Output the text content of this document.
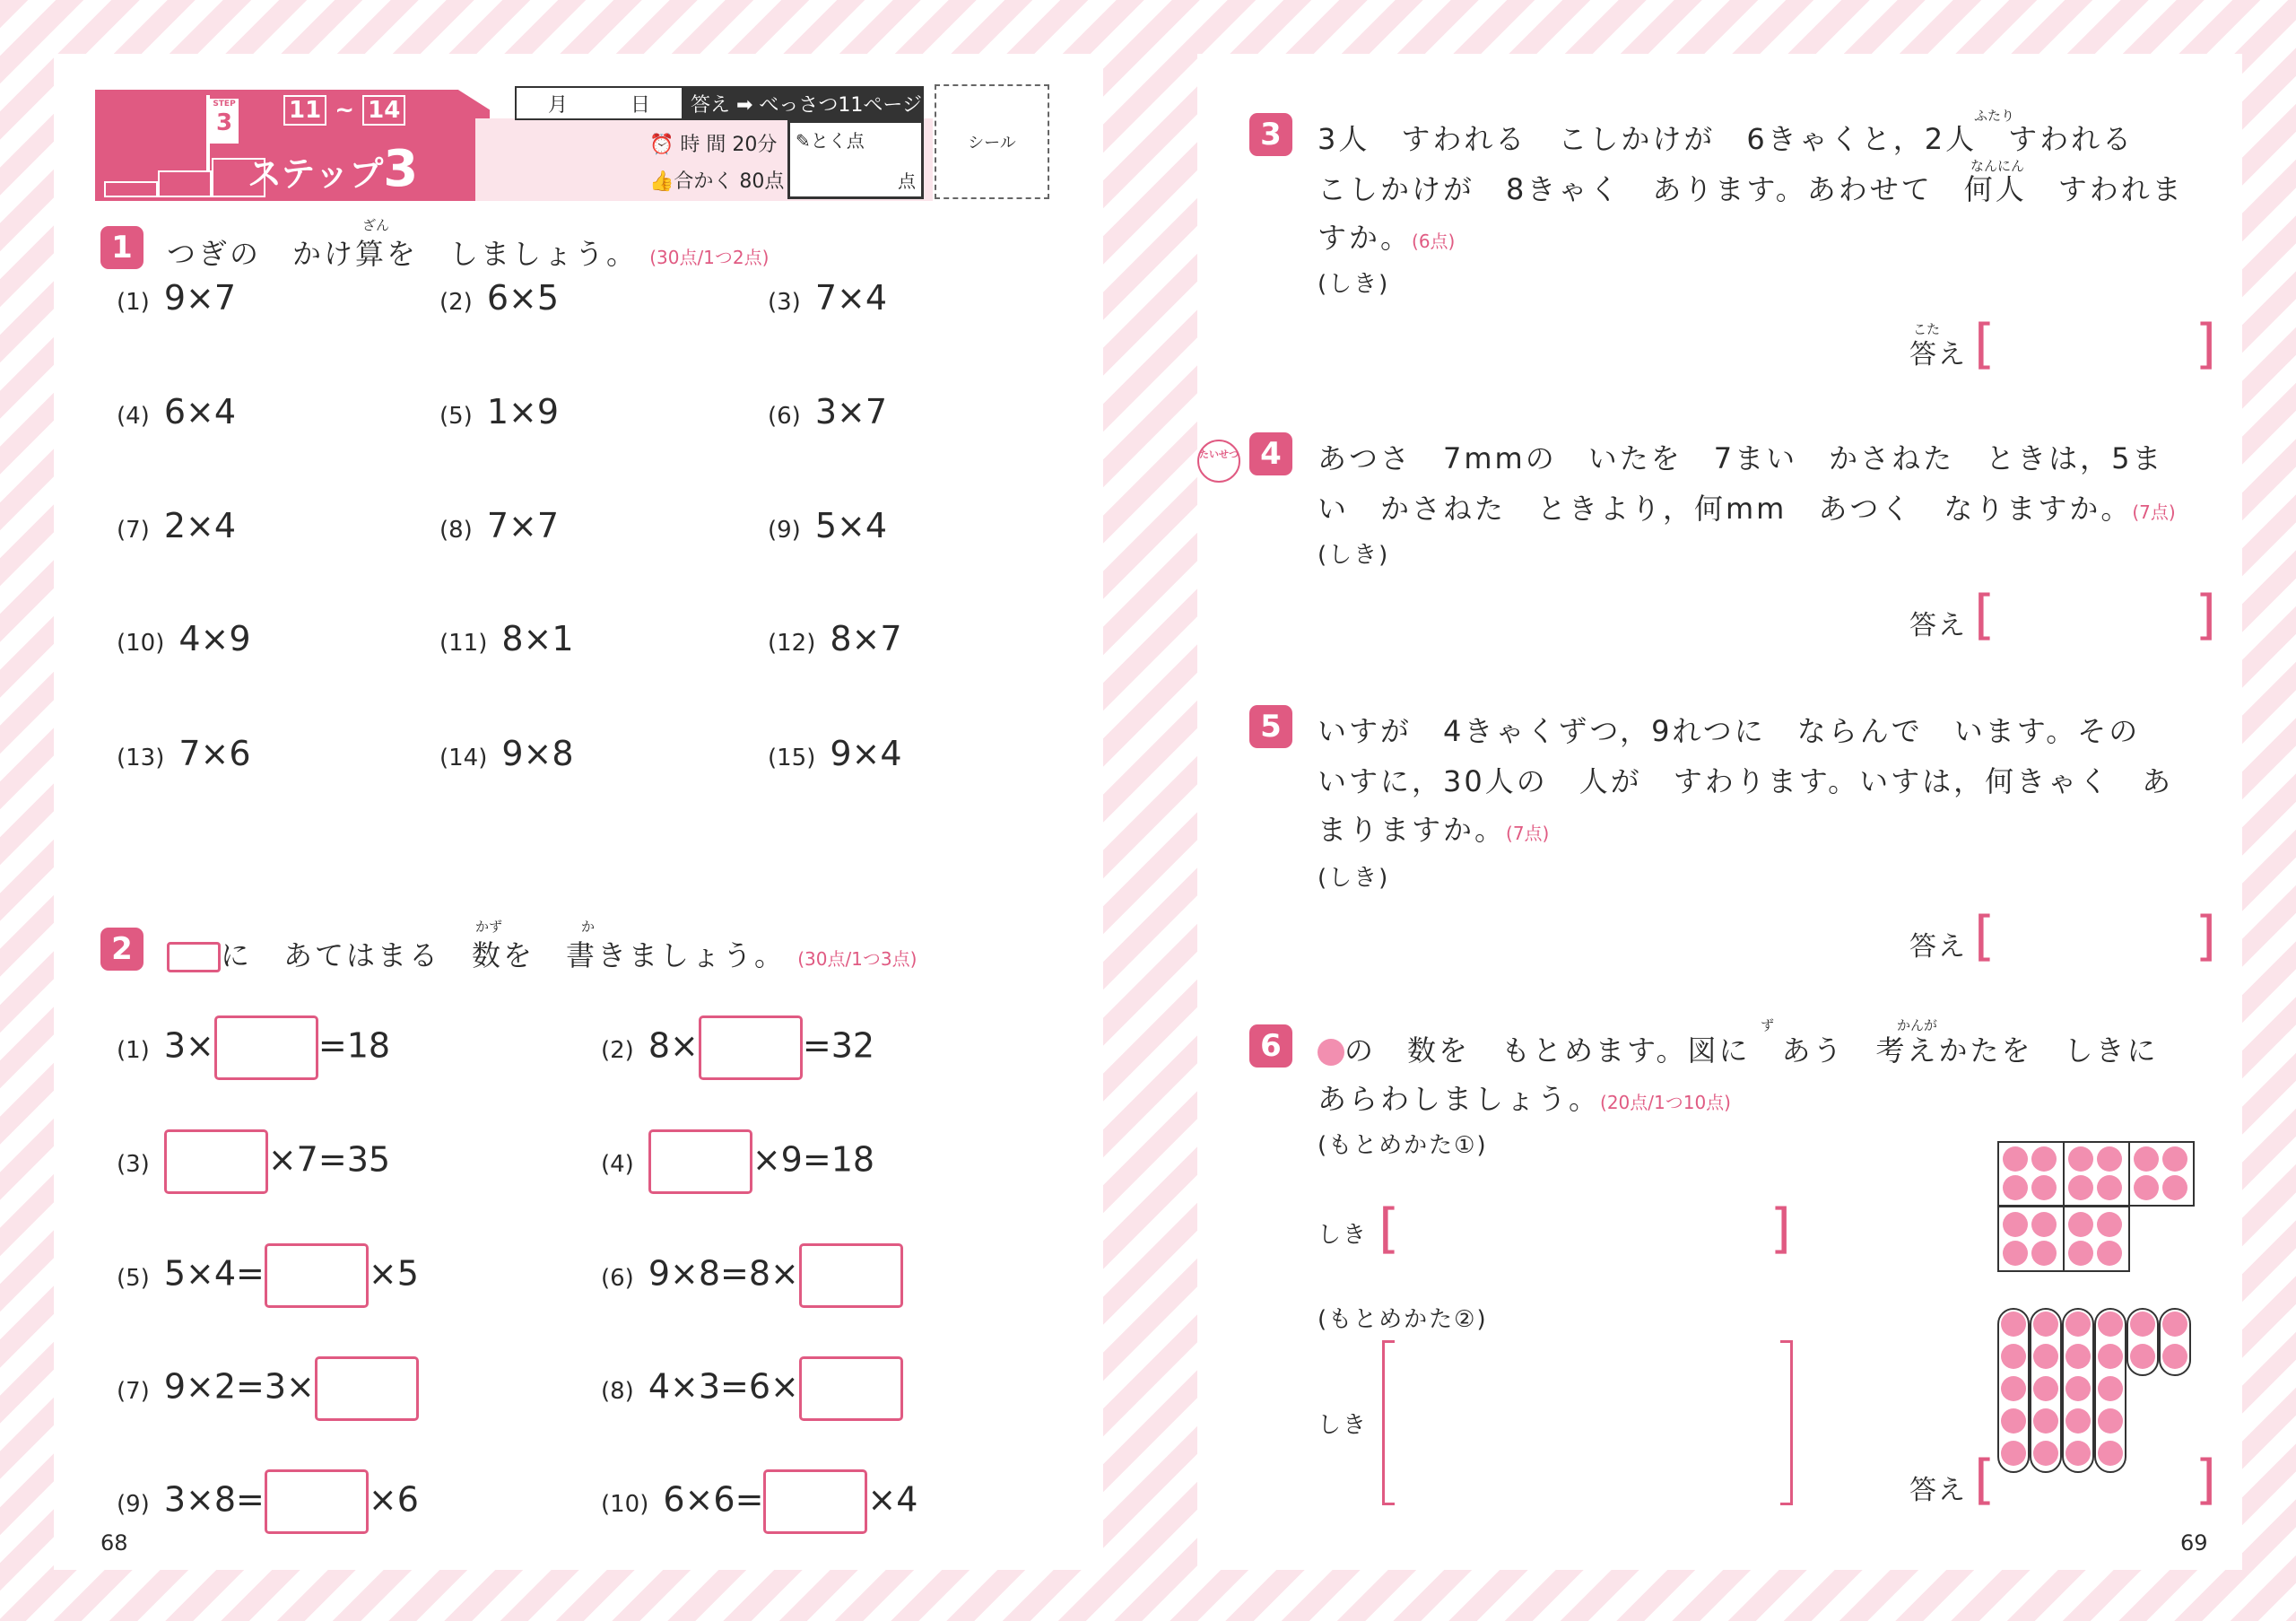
STEP
3 11 ~ 14
ステップ3
月	日	答え ➡ べっさつ11ページ
⏰ 時 間 20分
👍合かく 80点
✎とく点
点
シール
1	つぎの　かけ算を　しましょう。 (30点/1つ2点)
ざん
2	に　あてはまる　数を　書きましょう。 (30点/1つ3点)
かず	か
68
(1) 9×7	(2) 6×5	(3) 7×4
(4) 6×4	(5) 1×9	(6) 3×7
(7) 2×4	(8) 7×7	(9) 5×4
(10) 4×9	(11) 8×1	(12) 8×7
(13) 7×6	(14) 9×8	(15) 9×4
(1) 3×	=18	(2) 8×	=32
(3)	×7=35	(4)	×9=18
(5) 5×4=	×5	(6) 9×8=8×
(7) 9×2=3×	(8) 4×3=6×
(9) 3×8=	×6	(10) 6×6=	×4
3	3人　すわれる　こしかけが　6きゃくと，2人　すわれる
ふたり
こしかけが　8きゃく　あります。あわせて　何人　すわれま
なんにん
すか。(6点)
(しき)
こた
答え [	]
たいせつ 4	あつさ　7mmの　いたを　7まい　かさねた　ときは，5ま
い　かさねた　ときより，何mm　あつく　なりますか。(7点)
(しき)
答え [	]
5	いすが　4きゃくずつ，9れつに　ならんで　います。その
いすに，30人の　人が　すわります。いすは，何きゃく　あ
まりますか。(7点)
(しき)
答え [	]
6	の　数を　もとめます。図に　あう　考えかたを　しきに
ず	かんが
あらわしましょう。(20点/1つ10点)
(もとめかた①)
しき [	]
(もとめかた②)
しき
答え [	]
69
